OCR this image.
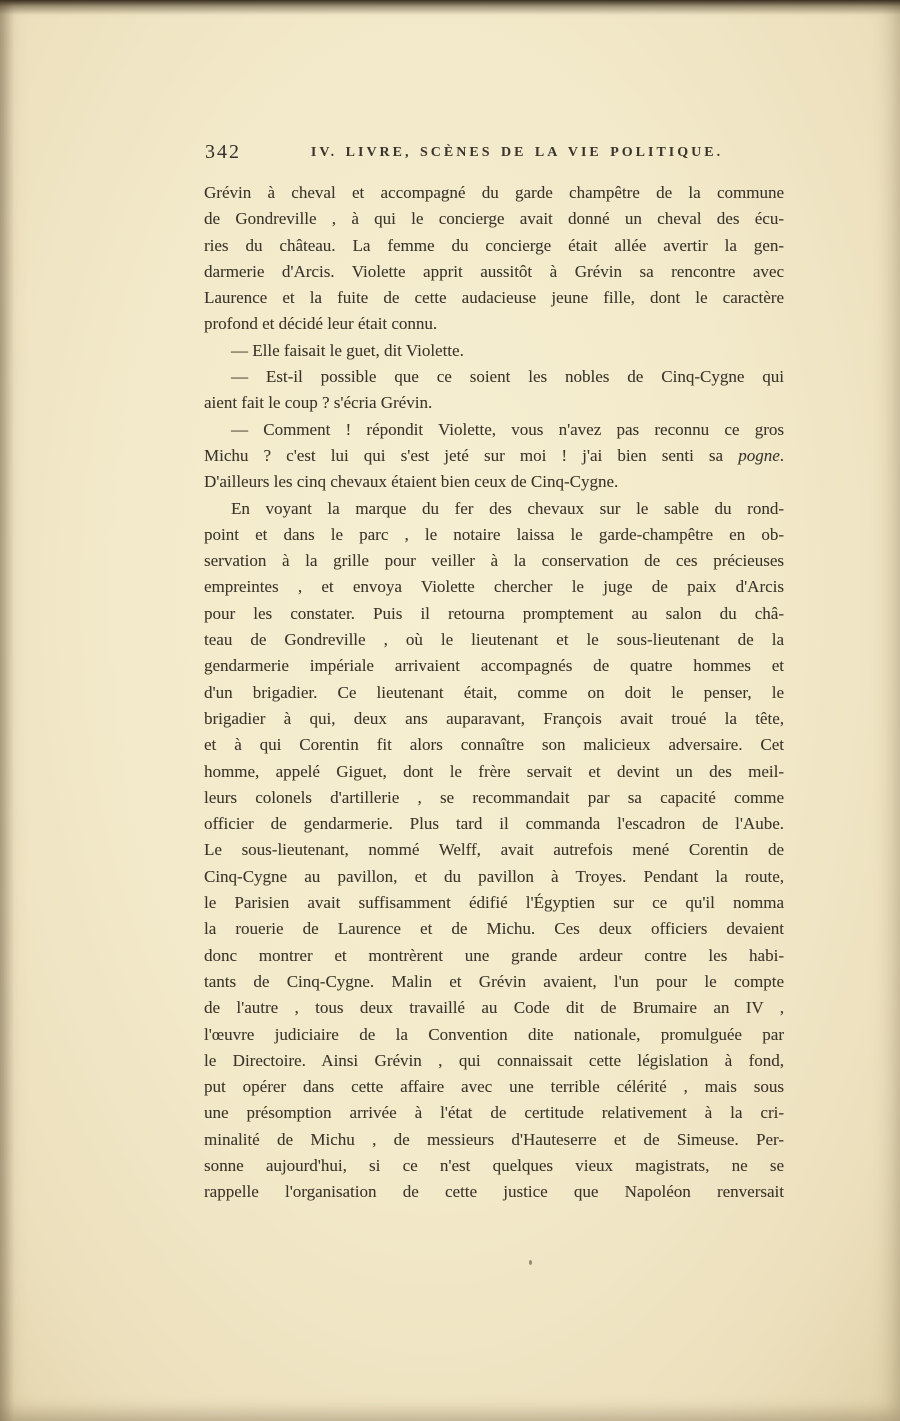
342	IV. LIVRE, SCÈNES DE LA VIE POLITIQUE.
Grévin à cheval et accompagné du garde champêtre de la commune
de Gondreville , à qui le concierge avait donné un cheval des écu-
ries du château. La femme du concierge était allée avertir la gen-
darmerie d'Arcis. Violette apprit aussitôt à Grévin sa rencontre avec
Laurence et la fuite de cette audacieuse jeune fille, dont le caractère
profond et décidé leur était connu.
— Elle faisait le guet, dit Violette.
— Est-il possible que ce soient les nobles de Cinq-Cygne qui
aient fait le coup ? s'écria Grévin.
— Comment ! répondit Violette, vous n'avez pas reconnu ce gros
Michu ? c'est lui qui s'est jeté sur moi ! j'ai bien senti sa pogne.
D'ailleurs les cinq chevaux étaient bien ceux de Cinq-Cygne.
En voyant la marque du fer des chevaux sur le sable du rond-
point et dans le parc , le notaire laissa le garde-champêtre en ob-
servation à la grille pour veiller à la conservation de ces précieuses
empreintes , et envoya Violette chercher le juge de paix d'Arcis
pour les constater. Puis il retourna promptement au salon du châ-
teau de Gondreville , où le lieutenant et le sous-lieutenant de la
gendarmerie impériale arrivaient accompagnés de quatre hommes et
d'un brigadier. Ce lieutenant était, comme on doit le penser, le
brigadier à qui, deux ans auparavant, François avait troué la tête,
et à qui Corentin fit alors connaître son malicieux adversaire. Cet
homme, appelé Giguet, dont le frère servait et devint un des meil-
leurs colonels d'artillerie , se recommandait par sa capacité comme
officier de gendarmerie. Plus tard il commanda l'escadron de l'Aube.
Le sous-lieutenant, nommé Welff, avait autrefois mené Corentin de
Cinq-Cygne au pavillon, et du pavillon à Troyes. Pendant la route,
le Parisien avait suffisamment édifié l'Égyptien sur ce qu'il nomma
la rouerie de Laurence et de Michu. Ces deux officiers devaient
donc montrer et montrèrent une grande ardeur contre les habi-
tants de Cinq-Cygne. Malin et Grévin avaient, l'un pour le compte
de l'autre , tous deux travaillé au Code dit de Brumaire an IV ,
l'œuvre judiciaire de la Convention dite nationale, promulguée par
le Directoire. Ainsi Grévin , qui connaissait cette législation à fond,
put opérer dans cette affaire avec une terrible célérité , mais sous
une présomption arrivée à l'état de certitude relativement à la cri-
minalité de Michu , de messieurs d'Hauteserre et de Simeuse. Per-
sonne aujourd'hui, si ce n'est quelques vieux magistrats, ne se
rappelle l'organisation de cette justice que Napoléon renversait
